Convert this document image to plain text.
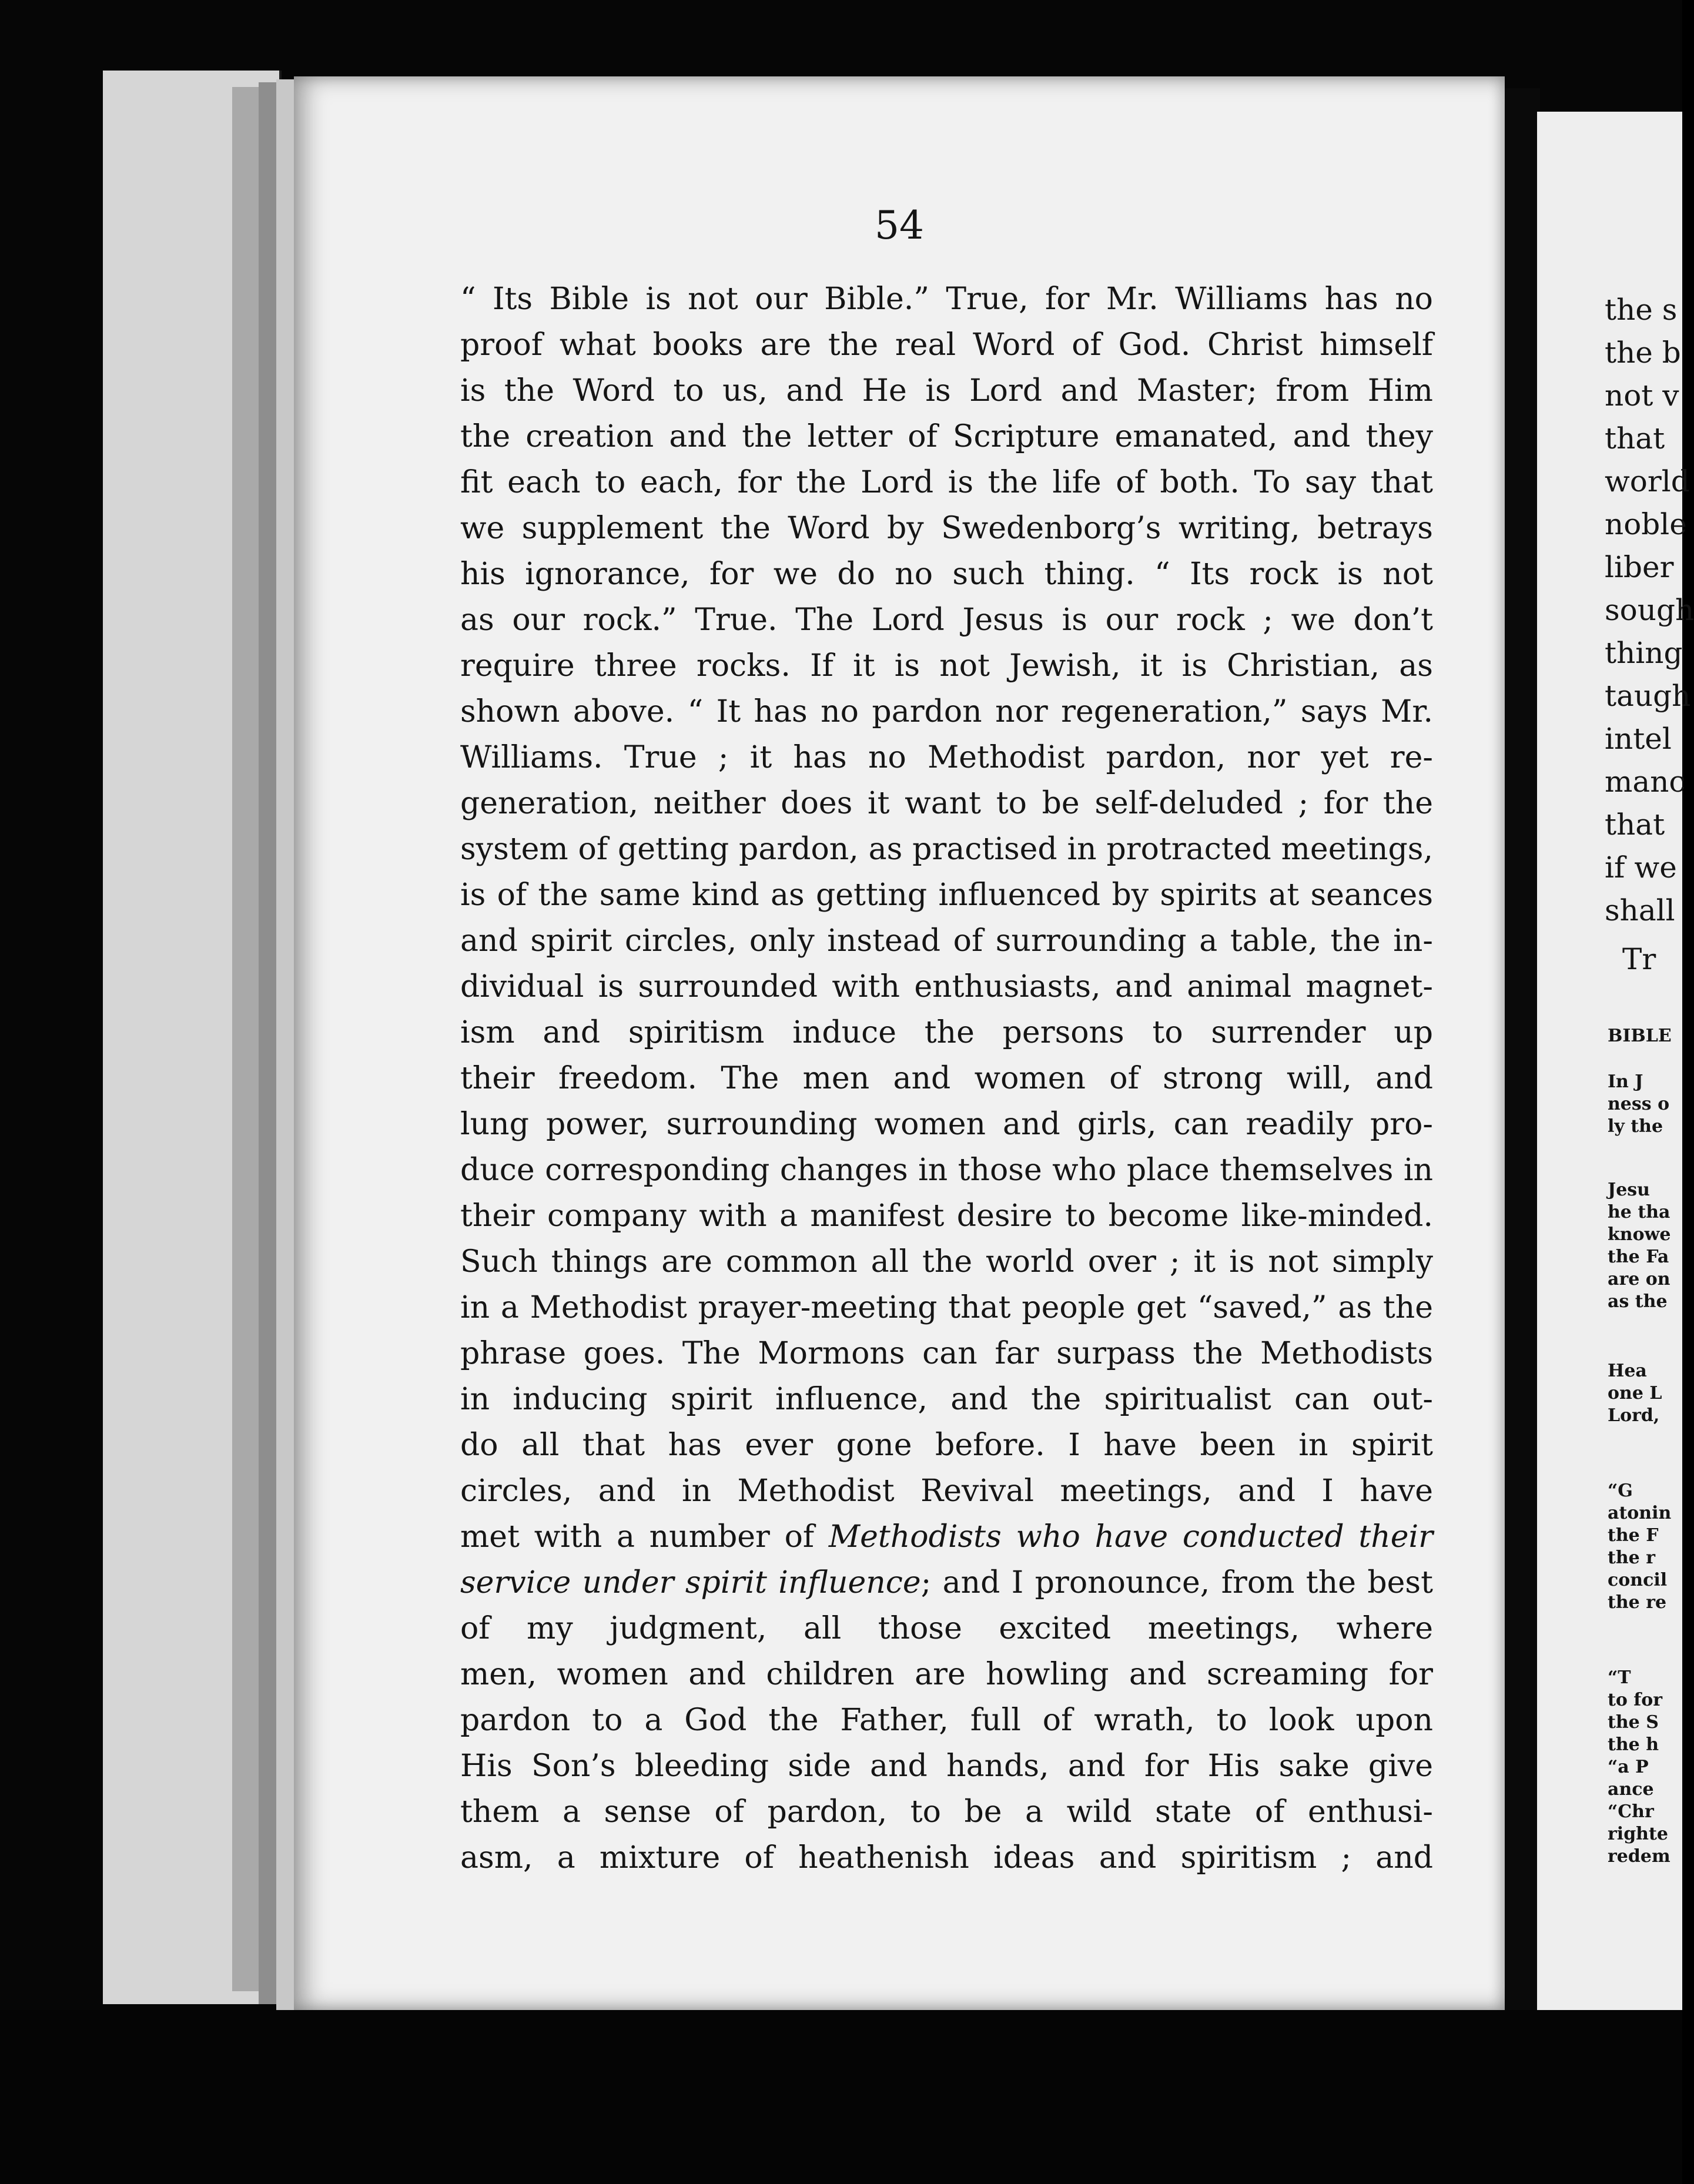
54
“ Its Bible is not our Bible.” True, for Mr. Williams has no
proof what books are the real Word of God. Christ himself
is the Word to us, and He is Lord and Master; from Him
the creation and the letter of Scripture emanated, and they
fit each to each, for the Lord is the life of both. To say that
we supplement the Word by Swedenborg’s writing, betrays
his ignorance, for we do no such thing. “ Its rock is not
as our rock.” True. The Lord Jesus is our rock ; we don’t
require three rocks. If it is not Jewish, it is Christian, as
shown above. “ It has no pardon nor regeneration,” says Mr.
Williams. True ; it has no Methodist pardon, nor yet re-
generation, neither does it want to be self-deluded ; for the
system of getting pardon, as practised in protracted meetings,
is of the same kind as getting influenced by spirits at seances
and spirit circles, only instead of surrounding a table, the in-
dividual is surrounded with enthusiasts, and animal magnet-
ism and spiritism induce the persons to surrender up
their freedom. The men and women of strong will, and
lung power, surrounding women and girls, can readily pro-
duce corresponding changes in those who place themselves in
their company with a manifest desire to become like-minded.
Such things are common all the world over ; it is not simply
in a Methodist prayer-meeting that people get “saved,” as the
phrase goes. The Mormons can far surpass the Methodists
in inducing spirit influence, and the spiritualist can out-
do all that has ever gone before. I have been in spirit
circles, and in Methodist Revival meetings, and I have
met with a number of Methodists who have conducted their
service under spirit influence; and I pronounce, from the best
of my judgment, all those excited meetings, where
men, women and children are howling and screaming for
pardon to a God the Father, full of wrath, to look upon
His Son’s bleeding side and hands, and for His sake give
them a sense of pardon, to be a wild state of enthusi-
asm, a mixture of heathenish ideas and spiritism ; and
the s
the b
not v
that
world
noble
liber
sough
thing
taugh
intel
manc
that
if we
shall
Tr
BIBLE
In J
ness o
ly the
Jesu
he tha
knowe
the Fa
are on
as the
Hea
one L
Lord,
“G
atonin
the F
the r
concil
the re
“T
to for
the S
the h
“a P
ance
“Chr
righte
redem
